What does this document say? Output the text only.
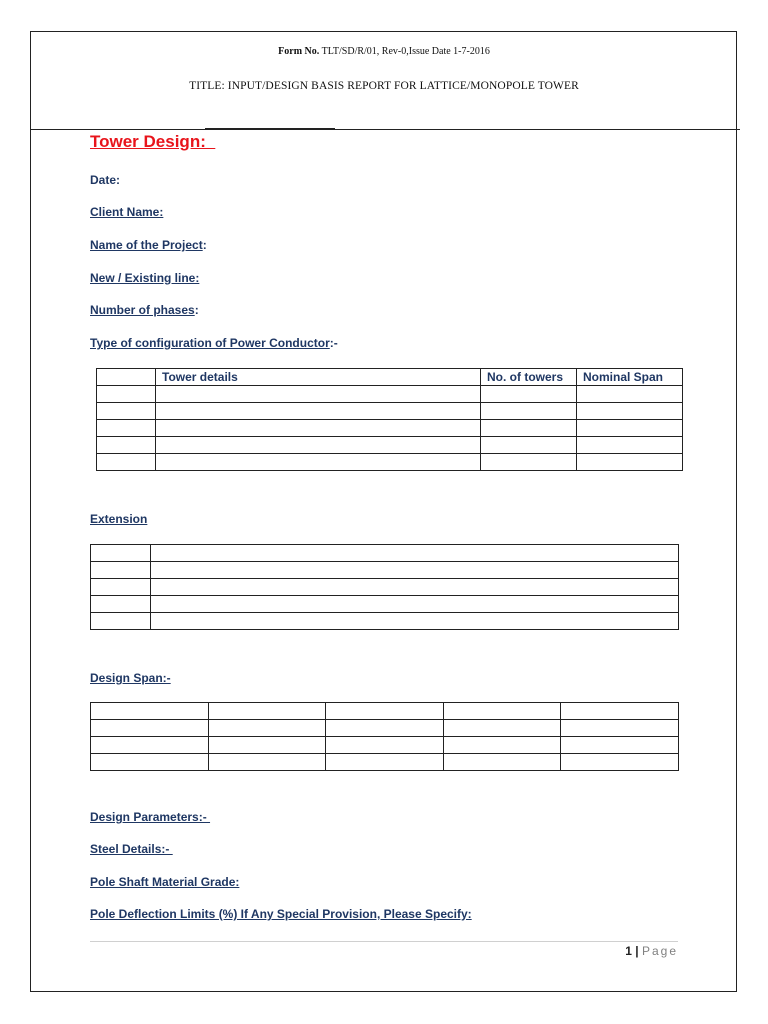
Form No. TLT/SD/R/01, Rev-0,Issue Date 1-7-2016
TITLE: INPUT/DESIGN BASIS REPORT FOR LATTICE/MONOPOLE TOWER
Tower Design:
Date:
Client Name:
Name of the Project:
New / Existing line:
Number of phases:
Type of configuration of Power Conductor:-
	Tower details	No. of towers	Nominal Span

Extension

Design Span:-

Design Parameters:-
Steel Details:-
Pole Shaft Material Grade:
Pole Deflection Limits (%) If Any Special Provision, Please Specify:
1 | Page
